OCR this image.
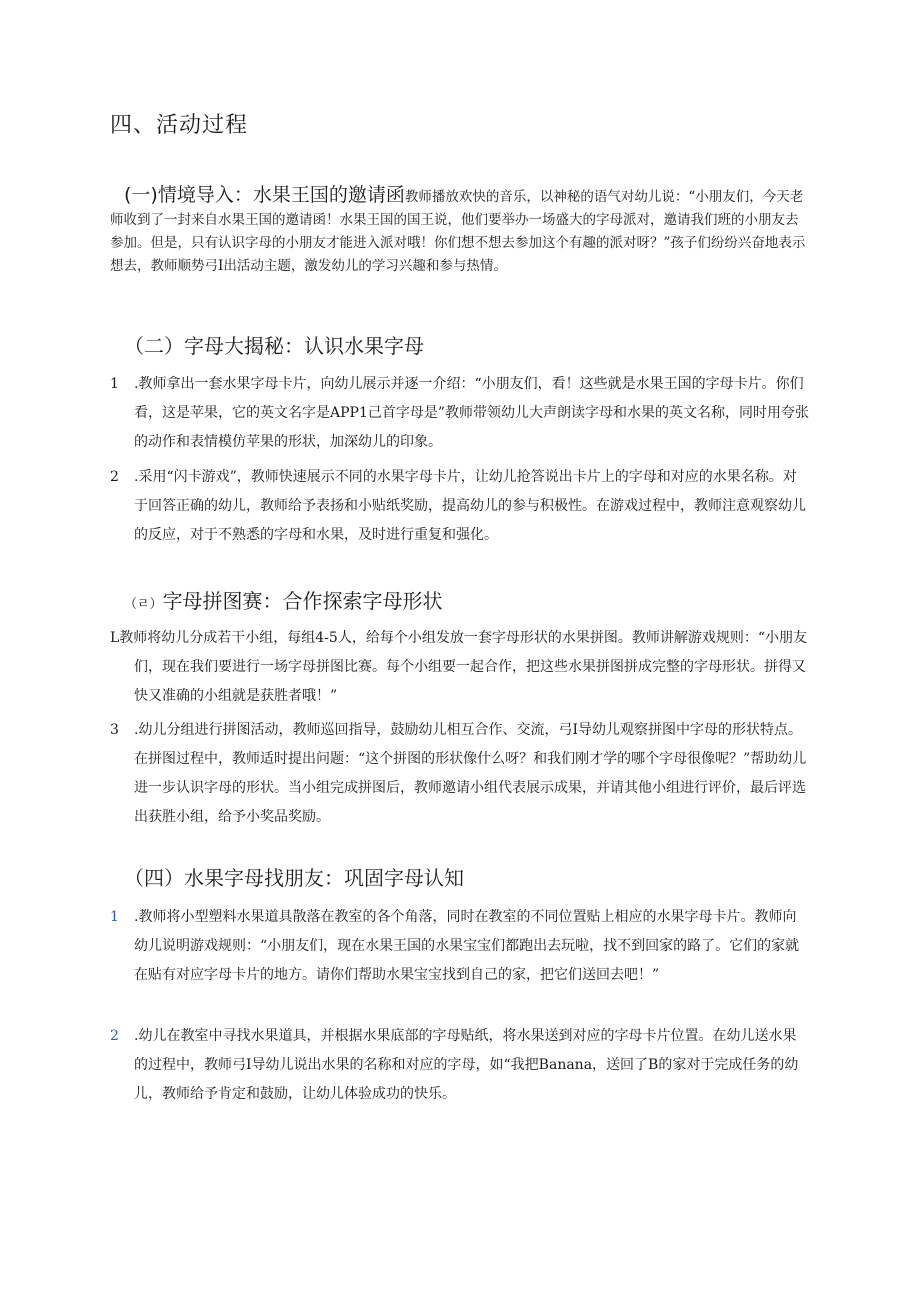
四、活动过程

(一)情境导入：水果王国的邀请函教师播放欢快的音乐，以神秘的语气对幼儿说：“小朋友们，今天老师收到了一封来自水果王国的邀请函！水果王国的国王说，他们要举办一场盛大的字母派对，邀请我们班的小朋友去参加。但是，只有认识字母的小朋友才能进入派对哦！你们想不想去参加这个有趣的派对呀？”孩子们纷纷兴奋地表示想去，教师顺势弓I出活动主题，激发幼儿的学习兴趣和参与热情。

（二）字母大揭秘：认识水果字母
1	.教师拿出一套水果字母卡片，向幼儿展示并逐一介绍：“小朋友们，看！这些就是水果王国的字母卡片。你们看，这是苹果，它的英文名字是APP1己首字母是”教师带领幼儿大声朗读字母和水果的英文名称，同时用夸张的动作和表情模仿苹果的形状，加深幼儿的印象。
2	.采用“闪卡游戏”，教师快速展示不同的水果字母卡片，让幼儿抢答说出卡片上的字母和对应的水果名称。对于回答正确的幼儿，教师给予表扬和小贴纸奖励，提高幼儿的参与积极性。在游戏过程中，教师注意观察幼儿的反应，对于不熟悉的字母和水果，及时进行重复和强化。
（ㄹ）字母拼图赛：合作探索字母形状
L教师将幼儿分成若干小组，每组4-5人，给每个小组发放一套字母形状的水果拼图。教师讲解游戏规则：“小朋友们，现在我们要进行一场字母拼图比赛。每个小组要一起合作，把这些水果拼图拼成完整的字母形状。拼得又快又准确的小组就是获胜者哦！”
3	.幼儿分组进行拼图活动，教师巡回指导，鼓励幼儿相互合作、交流，弓I导幼儿观察拼图中字母的形状特点。在拼图过程中，教师适时提出问题：“这个拼图的形状像什么呀？和我们刚才学的哪个字母很像呢？”帮助幼儿进一步认识字母的形状。当小组完成拼图后，教师邀请小组代表展示成果，并请其他小组进行评价，最后评选出获胜小组，给予小奖品奖励。
（四）水果字母找朋友：巩固字母认知
1	.教师将小型塑料水果道具散落在教室的各个角落，同时在教室的不同位置贴上相应的水果字母卡片。教师向幼儿说明游戏规则：“小朋友们，现在水果王国的水果宝宝们都跑出去玩啦，找不到回家的路了。它们的家就在贴有对应字母卡片的地方。请你们帮助水果宝宝找到自己的家，把它们送回去吧！”
2	.幼儿在教室中寻找水果道具，并根据水果底部的字母贴纸，将水果送到对应的字母卡片位置。在幼儿送水果的过程中，教师弓I导幼儿说出水果的名称和对应的字母，如“我把Banana，送回了B的家对于完成任务的幼儿，教师给予肯定和鼓励，让幼儿体验成功的快乐。
